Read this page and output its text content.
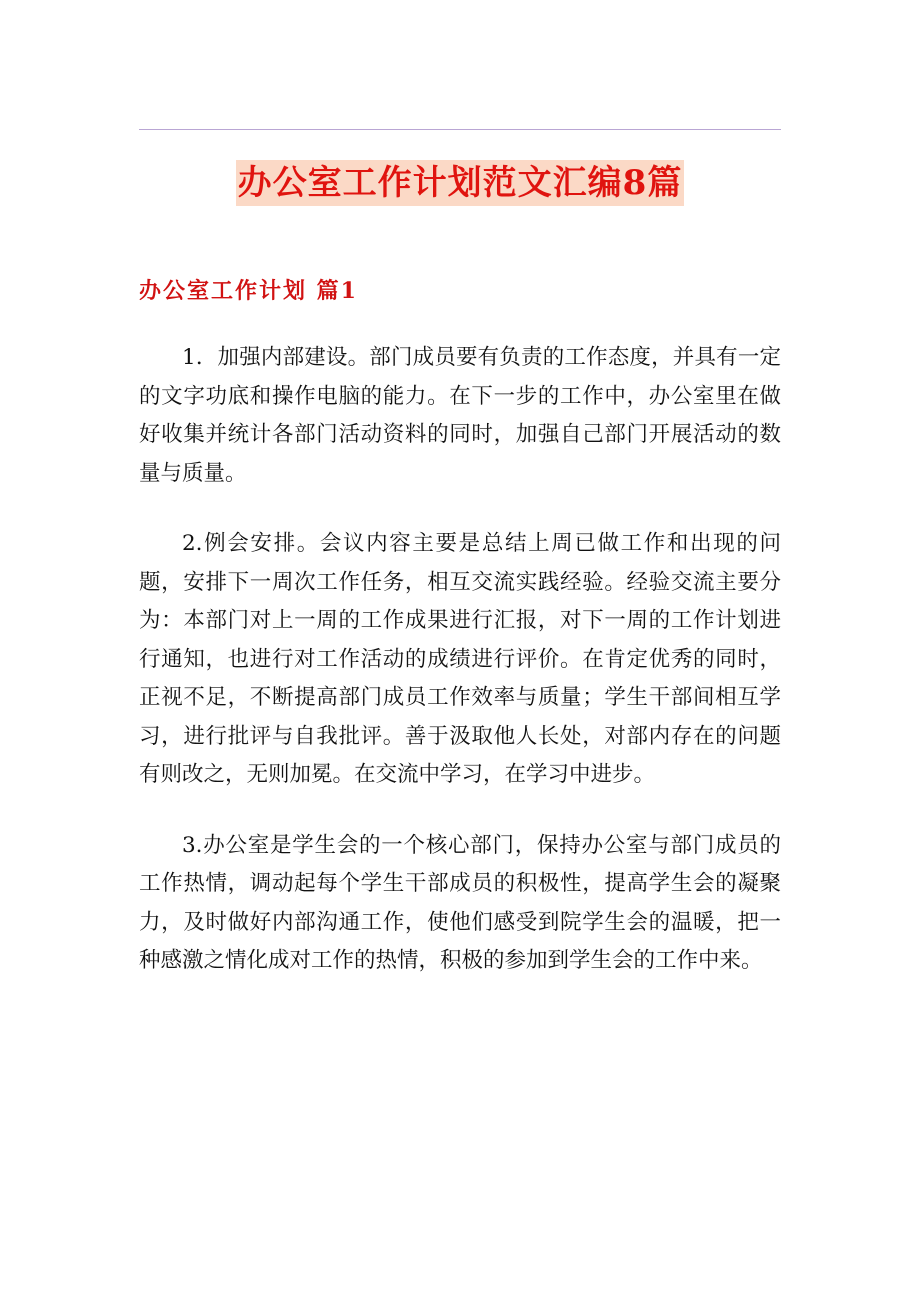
办公室工作计划范文汇编8篇
办公室工作计划 篇1

1．加强内部建设。部门成员要有负责的工作态度，并具有一定的文字功底和操作电脑的能力。在下一步的工作中，办公室里在做好收集并统计各部门活动资料的同时，加强自己部门开展活动的数量与质量。

2.例会安排。会议内容主要是总结上周已做工作和出现的问题，安排下一周次工作任务，相互交流实践经验。经验交流主要分为：本部门对上一周的工作成果进行汇报，对下一周的工作计划进行通知，也进行对工作活动的成绩进行评价。在肯定优秀的同时，正视不足，不断提高部门成员工作效率与质量；学生干部间相互学习，进行批评与自我批评。善于汲取他人长处，对部内存在的问题有则改之，无则加冕。在交流中学习，在学习中进步。

3.办公室是学生会的一个核心部门，保持办公室与部门成员的工作热情，调动起每个学生干部成员的积极性，提高学生会的凝聚力，及时做好内部沟通工作，使他们感受到院学生会的温暖，把一种感激之情化成对工作的热情，积极的参加到学生会的工作中来。
